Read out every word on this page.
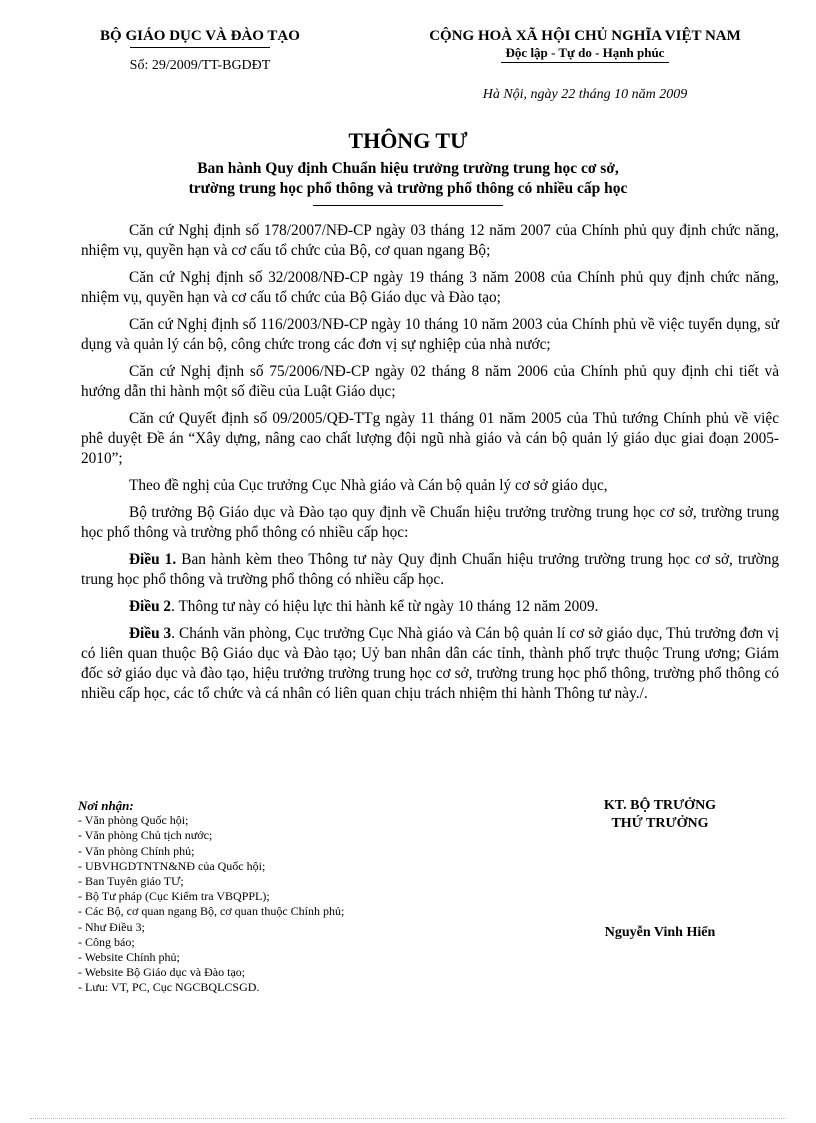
BỘ GIÁO DỤC VÀ ĐÀO TẠO
Số: 29/2009/TT-BGDĐT
CỘNG HOÀ XÃ HỘI CHỦ NGHĨA VIỆT NAM
Độc lập - Tự do - Hạnh phúc
Hà Nội, ngày 22 tháng 10 năm 2009
THÔNG TƯ
Ban hành Quy định Chuẩn hiệu trưởng trường trung học cơ sở,
trường trung học phổ thông và trường phổ thông có nhiều cấp học

Căn cứ Nghị định số 178/2007/NĐ-CP ngày 03 tháng 12 năm 2007 của Chính phủ quy định chức năng, nhiệm vụ, quyền hạn và cơ cấu tổ chức của Bộ, cơ quan ngang Bộ;

Căn cứ Nghị định số 32/2008/NĐ-CP ngày 19 tháng 3 năm 2008 của Chính phủ quy định chức năng, nhiệm vụ, quyền hạn và cơ cấu tổ chức của Bộ Giáo dục và Đào tạo;

Căn cứ Nghị định số 116/2003/NĐ-CP ngày 10 tháng 10 năm 2003 của Chính phủ về việc tuyển dụng, sử dụng và quản lý cán bộ, công chức trong các đơn vị sự nghiệp của nhà nước;

Căn cứ Nghị định số 75/2006/NĐ-CP ngày 02 tháng 8 năm 2006 của Chính phủ quy định chi tiết và hướng dẫn thi hành một số điều của Luật Giáo dục;

Căn cứ Quyết định số 09/2005/QĐ-TTg ngày 11 tháng 01 năm 2005 của Thủ tướng Chính phủ về việc phê duyệt Đề án “Xây dựng, nâng cao chất lượng đội ngũ nhà giáo và cán bộ quản lý giáo dục giai đoạn 2005-2010”;

Theo đề nghị của Cục trưởng Cục Nhà giáo và Cán bộ quản lý cơ sở giáo dục,

Bộ trưởng Bộ Giáo dục và Đào tạo quy định về Chuẩn hiệu trưởng trường trung học cơ sở, trường trung học phổ thông và trường phổ thông có nhiều cấp học:

Điều 1. Ban hành kèm theo Thông tư này Quy định Chuẩn hiệu trưởng trường trung học cơ sở, trường trung học phổ thông và trường phổ thông có nhiều cấp học.

Điều 2. Thông tư này có hiệu lực thi hành kể từ ngày 10 tháng 12 năm 2009.

Điều 3. Chánh văn phòng, Cục trưởng Cục Nhà giáo và Cán bộ quản lí cơ sở giáo dục, Thủ trưởng đơn vị có liên quan thuộc Bộ Giáo dục và Đào tạo; Uỷ ban nhân dân các tỉnh, thành phố trực thuộc Trung ương; Giám đốc sở giáo dục và đào tạo, hiệu trưởng trường trung học cơ sở, trường trung học phổ thông, trường phổ thông có nhiều cấp học, các tổ chức và cá nhân có liên quan chịu trách nhiệm thi hành Thông tư này./.

Nơi nhận:
- Văn phòng Quốc hội;
- Văn phòng Chủ tịch nước;
- Văn phòng Chính phủ;
- UBVHGDTNTN&NĐ của Quốc hội;
- Ban Tuyên giáo TƯ;
- Bộ Tư pháp (Cục Kiểm tra VBQPPL);
- Các Bộ, cơ quan ngang Bộ, cơ quan thuộc Chính phủ;
- Như Điều 3;
- Công báo;
- Website Chính phủ;
- Website Bộ Giáo dục và Đào tạo;
- Lưu: VT, PC, Cục NGCBQLCSGD.
KT. BỘ TRƯỞNG
THỨ TRƯỞNG
Nguyễn Vinh Hiển
